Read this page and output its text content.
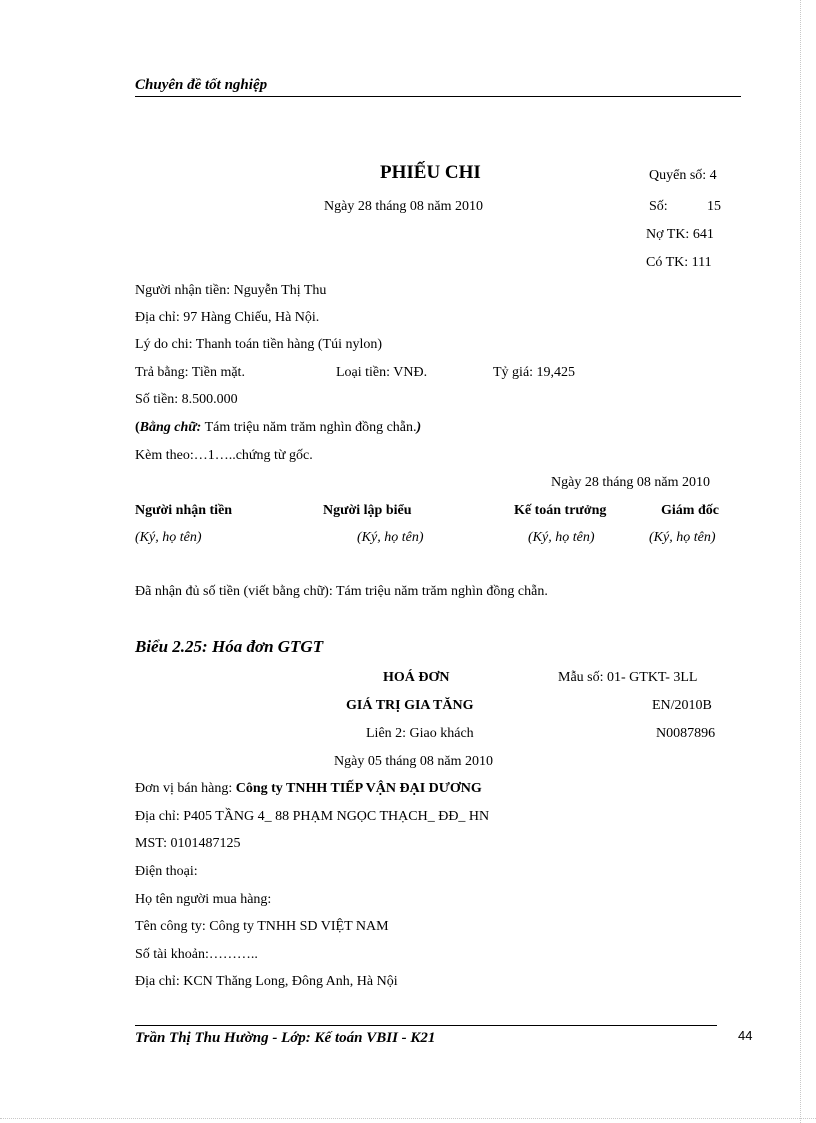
Chuyên đề tốt nghiệp
PHIẾU CHI	Quyển số: 4
Ngày 28 tháng 08 năm 2010	Số:	15
Nợ TK: 641
Có TK: 111
Người nhận tiền: Nguyễn Thị Thu
Địa chỉ: 97 Hàng Chiếu, Hà Nội.
Lý do chi: Thanh toán tiền hàng (Túi nylon)
Trả bằng: Tiền mặt.	Loại tiền: VNĐ.	Tỷ giá: 19,425
Số tiền: 8.500.000
(Bằng chữ: Tám triệu năm trăm nghìn đồng chẵn.)
Kèm theo:…1…..chứng từ gốc.
Ngày 28 tháng 08 năm 2010
Người nhận tiền	Người lập biểu	Kế toán trưởng	Giám đốc
(Ký, họ tên)	(Ký, họ tên)	(Ký, họ tên)	(Ký, họ tên)
Đã nhận đủ số tiền (viết bằng chữ): Tám triệu năm trăm nghìn đồng chẵn.
Biểu 2.25: Hóa đơn GTGT
HOÁ ĐƠN	Mẫu số: 01- GTKT- 3LL
GIÁ TRỊ GIA TĂNG	EN/2010B
Liên 2: Giao khách	N0087896
Ngày 05 tháng 08 năm 2010
Đơn vị bán hàng: Công ty TNHH TIẾP VẬN ĐẠI DƯƠNG
Địa chỉ: P405 TẦNG 4_ 88 PHẠM NGỌC THẠCH_ ĐĐ_ HN
MST: 0101487125
Điện thoại:
Họ tên người mua hàng:
Tên công ty: Công ty TNHH SD VIỆT NAM
Số tài khoản:………..
Địa chỉ: KCN Thăng Long, Đông Anh, Hà Nội
Trần Thị Thu Hường - Lớp: Kế toán VBII - K21	44
